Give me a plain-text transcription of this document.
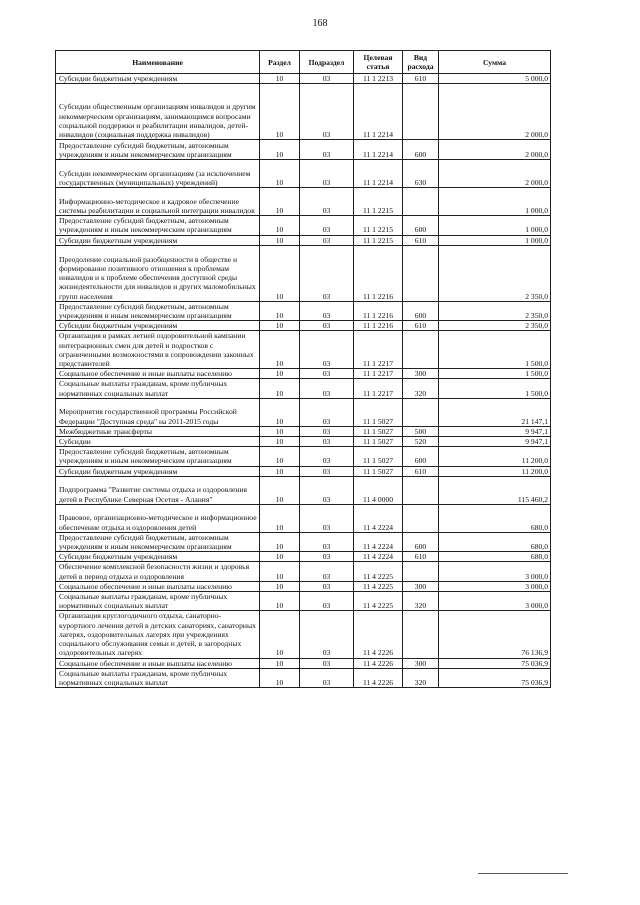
168
Наименование	Раздел	Подраздел	Целевая статья	Вид расхода	Сумма
Субсидии бюджетным учреждениям	10	03	11 1 2213	610	5 000,0
Субсидии общественным организациям инвалидов и другим некоммерческим организациям, занимающимся вопросами социальной поддержки и реабилитации инвалидов, детей-инвалидов (социальная поддержка инвалидов)	10	03	11 1 2214		2 000,0
Предоставление субсидий бюджетным, автономным учреждениям и иным некоммерческим организациям	10	03	11 1 2214	600	2 000,0
Субсидии некоммерческим организациям (за исключением государственных (муниципальных) учреждений)	10	03	11 1 2214	630	2 000,0
Информационно-методическое и кадровое обеспечение системы реабилитации и социальной интеграции инвалидов	10	03	11 1 2215		1 000,0
Предоставление субсидий бюджетным, автономным учреждениям и иным некоммерческим организациям	10	03	11 1 2215	600	1 000,0
Субсидии бюджетным учреждениям	10	03	11 1 2215	610	1 000,0
Преодоление социальной разобщенности в обществе и формирование позитивного отношения к проблемам инвалидов и к проблеме обеспечения доступной среды жизнедеятельности для инвалидов и других маломобильных групп населения	10	03	11 1 2216		2 350,0
Предоставление субсидий бюджетным, автономным учреждениям и иным некоммерческим организациям	10	03	11 1 2216	600	2 350,0
Субсидии бюджетным учреждениям	10	03	11 1 2216	610	2 350,0
Организация в рамках летней оздоровительной кампании интеграционных смен для детей и подростков с ограниченными возможностями в сопровождении законных представителей	10	03	11 1 2217		1 500,0
Социальное обеспечение и иные выплаты населению	10	03	11 1 2217	300	1 500,0
Социальные выплаты гражданам, кроме публичных нормативных социальных выплат	10	03	11 1 2217	320	1 500,0
Мероприятия государственной программы Российской Федерации "Доступная среда" на 2011-2015 годы	10	03	11 1 5027		21 147,1
Межбюджетные трансферты	10	03	11 1 5027	500	9 947,1
Субсидии	10	03	11 1 5027	520	9 947,1
Предоставление субсидий бюджетным, автономным учреждениям и иным некоммерческим организациям	10	03	11 1 5027	600	11 200,0
Субсидии бюджетным учреждениям	10	03	11 1 5027	610	11 200,0
Подпрограмма "Развитие системы отдыха и оздоровления детей в Республике Северная Осетия - Алания"	10	03	11 4 0000		115 460,2
Правовое, организационно-методическое и информационное обеспечение отдыха и оздоровления детей	10	03	11 4 2224		680,0
Предоставление субсидий бюджетным, автономным учреждениям и иным некоммерческим организациям	10	03	11 4 2224	600	680,0
Субсидии бюджетным учреждениям	10	03	11 4 2224	610	680,0
Обеспечение комплексной безопасности жизни и здоровья детей в период отдыха и оздоровления	10	03	11 4 2225		3 000,0
Социальное обеспечение и иные выплаты населению	10	03	11 4 2225	300	3 000,0
Социальные выплаты гражданам, кроме публичных нормативных социальных выплат	10	03	11 4 2225	320	3 000,0
Организация круглогодичного отдыха, санаторно-курортного лечения детей в детских санаториях, санаторных лагерях, оздоровительных лагерях при учреждениях социального обслуживания семьи и детей, в загородных оздоровительных лагерях	10	03	11 4 2226		76 136,9
Социальное обеспечение и иные выплаты населению	10	03	11 4 2226	300	75 036,9
Социальные выплаты гражданам, кроме публичных нормативных социальных выплат	10	03	11 4 2226	320	75 036,9
